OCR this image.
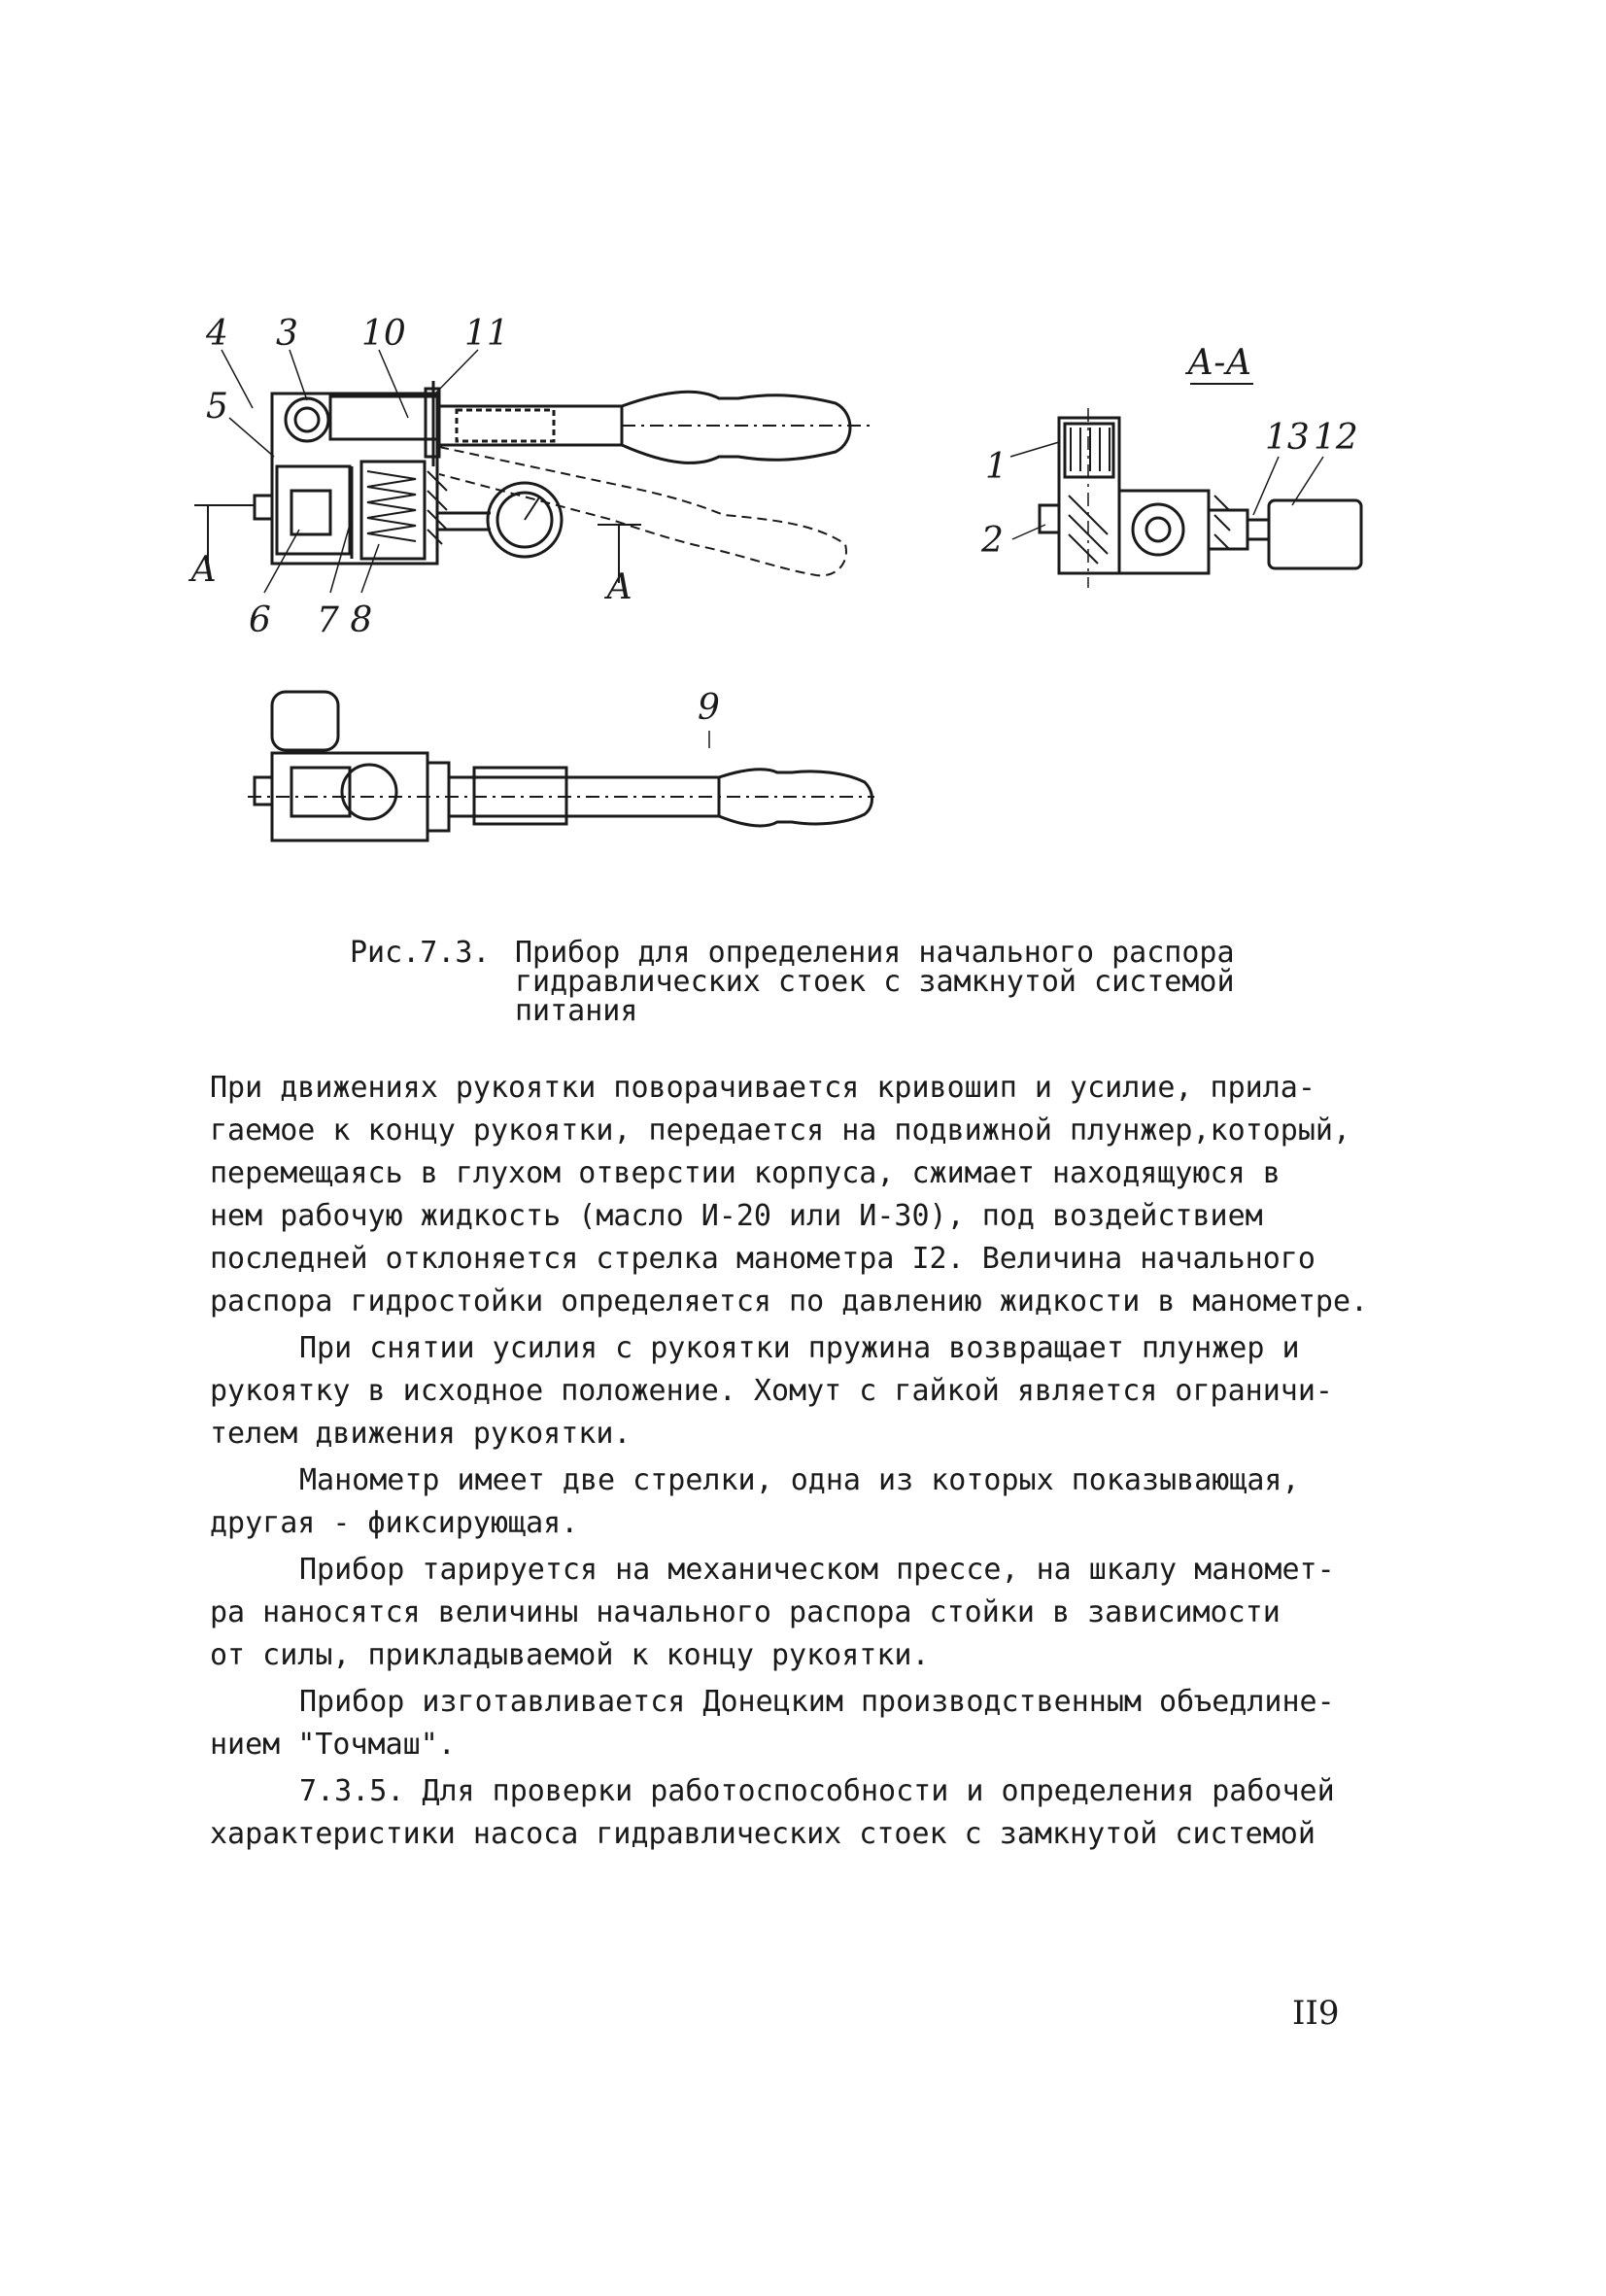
4 3 10 11
5
А	А
6 7 8
А-А
1
2
13 12
9
Рис.7.3. Прибор для определения начального распора
гидравлических стоек с замкнутой системой
питания
При движениях рукоятки поворачивается кривошип и усилие, прила-
гаемое к концу рукоятки, передается на подвижной плунжер,который,
перемещаясь в глухом отверстии корпуса, сжимает находящуюся в
нем рабочую жидкость (масло И-20 или И-30), под воздействием
последней отклоняется стрелка манометра I2. Величина начального
распора гидростойки определяется по давлению жидкости в манометре.
При снятии усилия с рукоятки пружина возвращает плунжер и
рукоятку в исходное положение. Хомут с гайкой является ограничи-
телем движения рукоятки.
Манометр имеет две стрелки, одна из которых показывающая,
другая - фиксирующая.
Прибор тарируется на механическом прессе, на шкалу маномет-
ра наносятся величины начального распора стойки в зависимости
от силы, прикладываемой к концу рукоятки.
Прибор изготавливается Донецким производственным объедлине-
нием "Точмаш".
7.3.5. Для проверки работоспособности и определения рабочей
характеристики насоса гидравлических стоек с замкнутой системой
II9
